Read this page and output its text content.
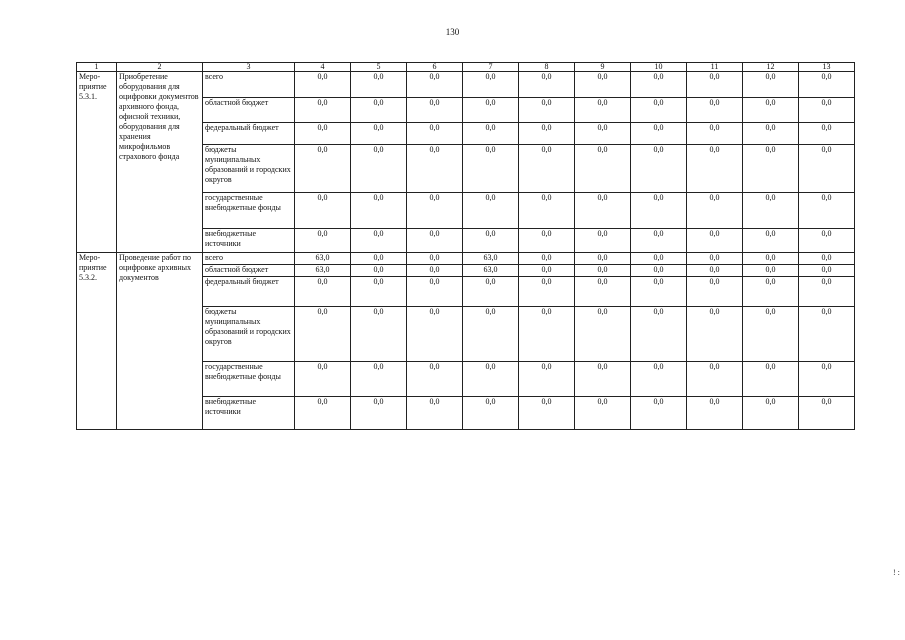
130
1	2	3	4	5	6	7	8	9	10	11	12	13
Меро-приятие 5.3.1.	Приобретение оборудования для оцифровки документов архивного фонда, офисной техники, оборудования для хранения микрофильмов страхового фонда	всего	0,0	0,0	0,0	0,0	0,0	0,0	0,0	0,0	0,0	0,0
		областной бюджет	0,0	0,0	0,0	0,0	0,0	0,0	0,0	0,0	0,0	0,0
		федеральный бюджет	0,0	0,0	0,0	0,0	0,0	0,0	0,0	0,0	0,0	0,0
		бюджеты муниципальных образований и городских округов	0,0	0,0	0,0	0,0	0,0	0,0	0,0	0,0	0,0	0,0
		государственные внебюджетные фонды	0,0	0,0	0,0	0,0	0,0	0,0	0,0	0,0	0,0	0,0
		внебюджетные источники	0,0	0,0	0,0	0,0	0,0	0,0	0,0	0,0	0,0	0,0
Меро-приятие 5.3.2.	Проведение работ по оцифровке архивных документов	всего	63,0	0,0	0,0	63,0	0,0	0,0	0,0	0,0	0,0	0,0
		областной бюджет	63,0	0,0	0,0	63,0	0,0	0,0	0,0	0,0	0,0	0,0
		федеральный бюджет	0,0	0,0	0,0	0,0	0,0	0,0	0,0	0,0	0,0	0,0
		бюджеты муниципальных образований и городских округов	0,0	0,0	0,0	0,0	0,0	0,0	0,0	0,0	0,0	0,0
		государственные внебюджетные фонды	0,0	0,0	0,0	0,0	0,0	0,0	0,0	0,0	0,0	0,0
		внебюджетные источники	0,0	0,0	0,0	0,0	0,0	0,0	0,0	0,0	0,0	0,0
! :
